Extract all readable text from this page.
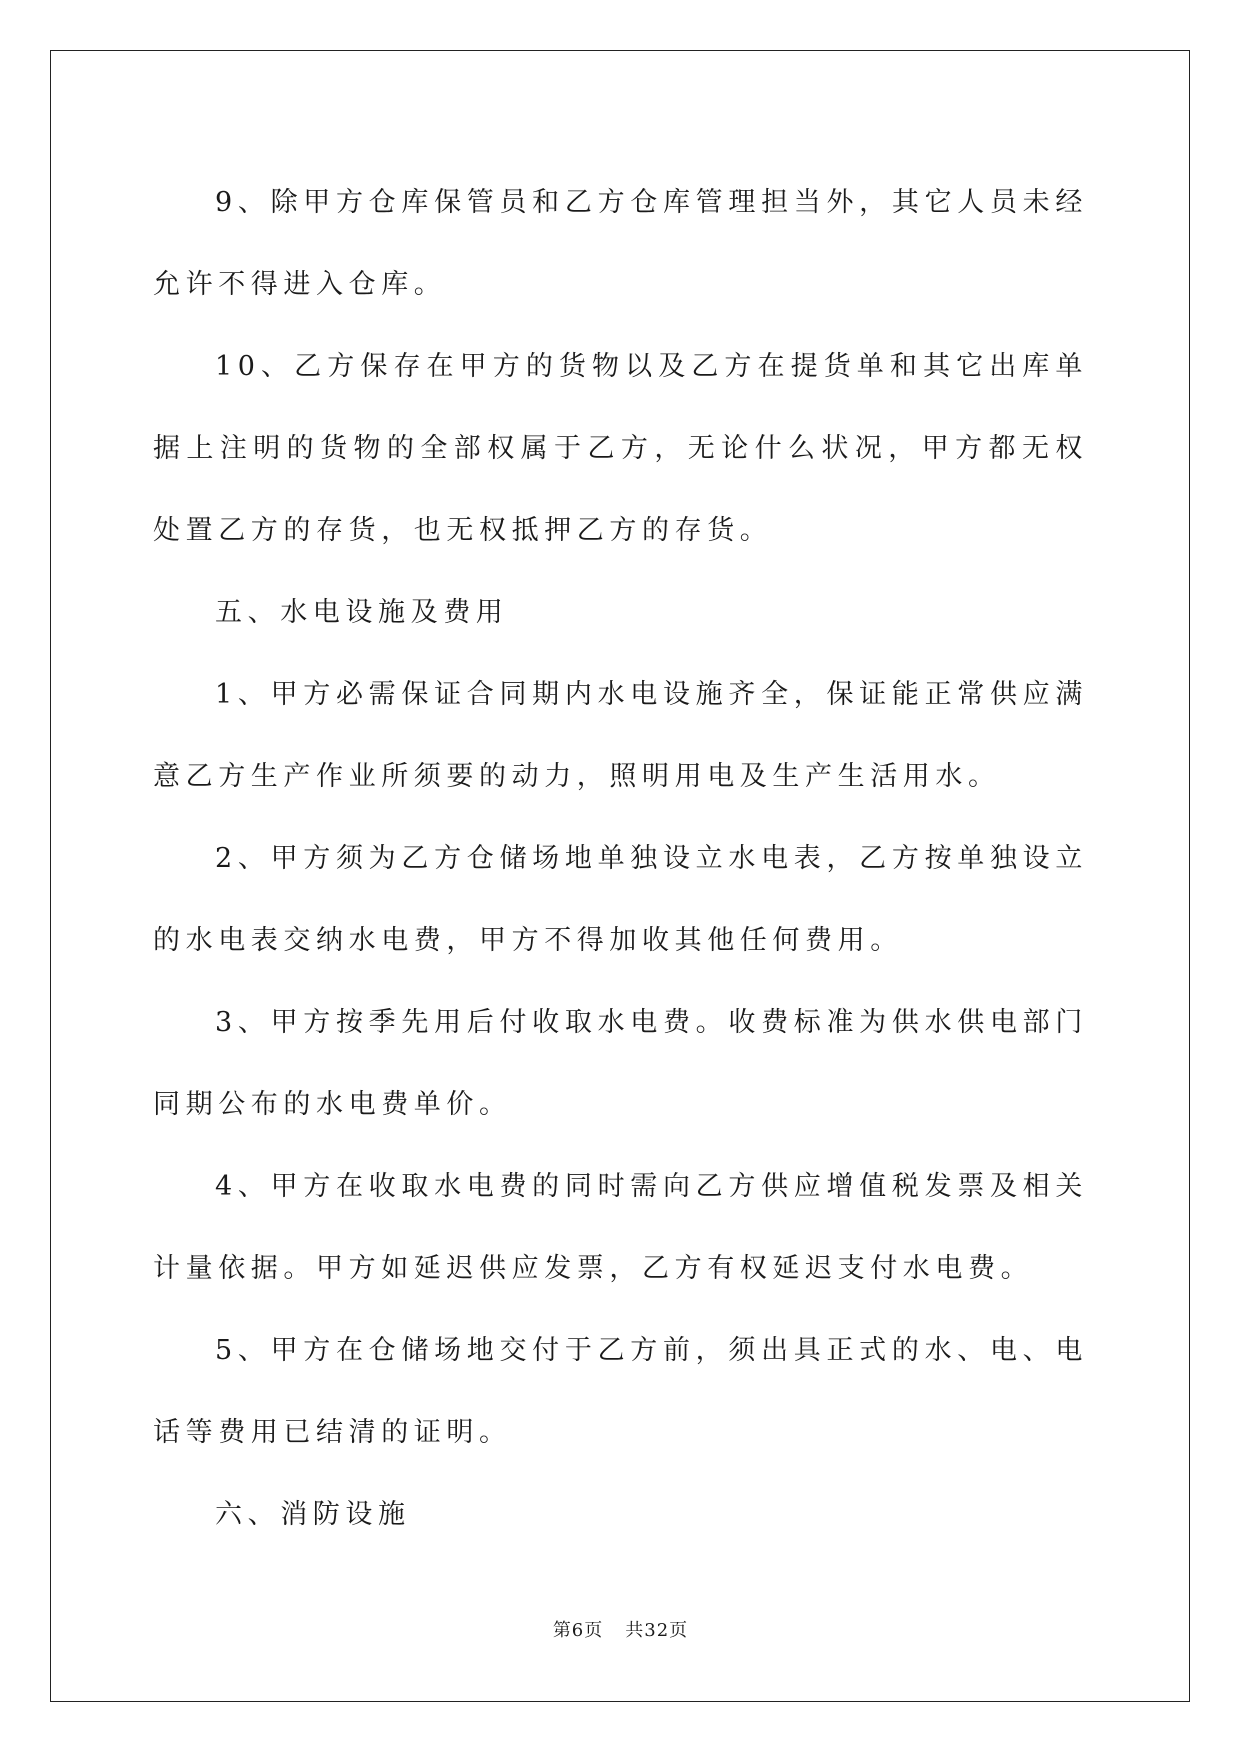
9、除甲方仓库保管员和乙方仓库管理担当外，其它人员未经允许不得进入仓库。

10、乙方保存在甲方的货物以及乙方在提货单和其它出库单据上注明的货物的全部权属于乙方，无论什么状况，甲方都无权处置乙方的存货，也无权抵押乙方的存货。

五、水电设施及费用

1、甲方必需保证合同期内水电设施齐全，保证能正常供应满意乙方生产作业所须要的动力，照明用电及生产生活用水。

2、甲方须为乙方仓储场地单独设立水电表，乙方按单独设立的水电表交纳水电费，甲方不得加收其他任何费用。

3、甲方按季先用后付收取水电费。收费标准为供水供电部门同期公布的水电费单价。

4、甲方在收取水电费的同时需向乙方供应增值税发票及相关计量依据。甲方如延迟供应发票，乙方有权延迟支付水电费。

5、甲方在仓储场地交付于乙方前，须出具正式的水、电、电话等费用已结清的证明。

六、消防设施

第6页 共32页
